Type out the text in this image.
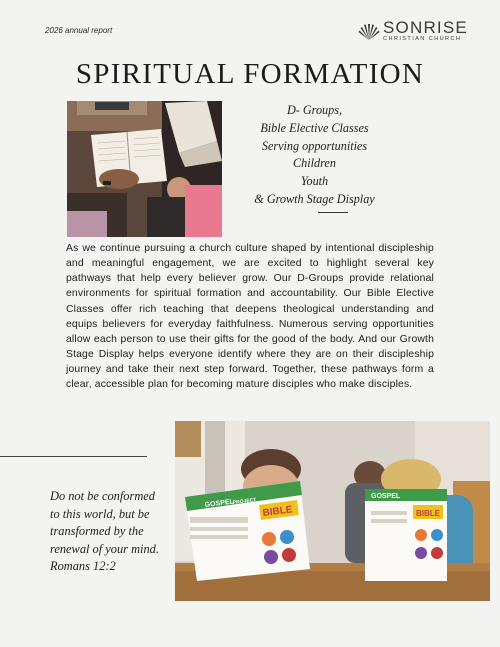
2026 annual report	SONRISE
CHRISTIAN CHURCH
SPIRITUAL FORMATION
D- Groups,
Bible Elective Classes
Serving opportunities
Children
Youth
& Growth Stage Display
As we continue pursuing a church culture shaped by intentional discipleship and meaningful engagement, we are excited to highlight several key pathways that help every believer grow. Our D-Groups provide relational environments for spiritual formation and accountability. Our Bible Elective Classes offer rich teaching that deepens theological understanding and equips believers for everyday faithfulness. Numerous serving opportunities allow each person to use their gifts for the good of the body. And our Growth Stage Display helps everyone identify where they are on their discipleship journey and take their next step forward. Together, these pathways form a clear, accessible plan for becoming mature disciples who make disciples.
Do not be conformed to this world, but be transformed by the renewal of your mind.
Romans 12:2
GOSPEL
PROJECT
BIBLE
GOSPEL
BIBLE
